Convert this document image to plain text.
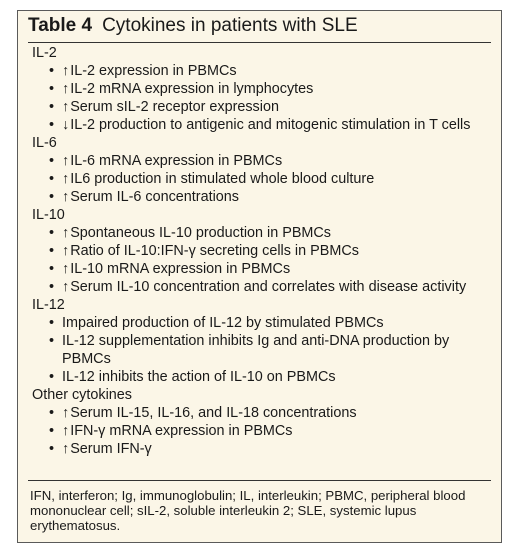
Table 4 Cytokines in patients with SLE
IL-2
• ↑IL-2 expression in PBMCs
• ↑IL-2 mRNA expression in lymphocytes
• ↑Serum sIL-2 receptor expression
• ↓IL-2 production to antigenic and mitogenic stimulation in T cells
IL-6
• ↑IL-6 mRNA expression in PBMCs
• ↑IL6 production in stimulated whole blood culture
• ↑Serum IL-6 concentrations
IL-10
• ↑Spontaneous IL-10 production in PBMCs
• ↑Ratio of IL-10:IFN-γ secreting cells in PBMCs
• ↑IL-10 mRNA expression in PBMCs
• ↑Serum IL-10 concentration and correlates with disease activity
IL-12
• Impaired production of IL-12 by stimulated PBMCs
• IL-12 supplementation inhibits Ig and anti-DNA production by PBMCs
• IL-12 inhibits the action of IL-10 on PBMCs
Other cytokines
• ↑Serum IL-15, IL-16, and IL-18 concentrations
• ↑IFN-γ mRNA expression in PBMCs
• ↑Serum IFN-γ
IFN, interferon; Ig, immunoglobulin; IL, interleukin; PBMC, peripheral blood mononuclear cell; sIL-2, soluble interleukin 2; SLE, systemic lupus erythematosus.
